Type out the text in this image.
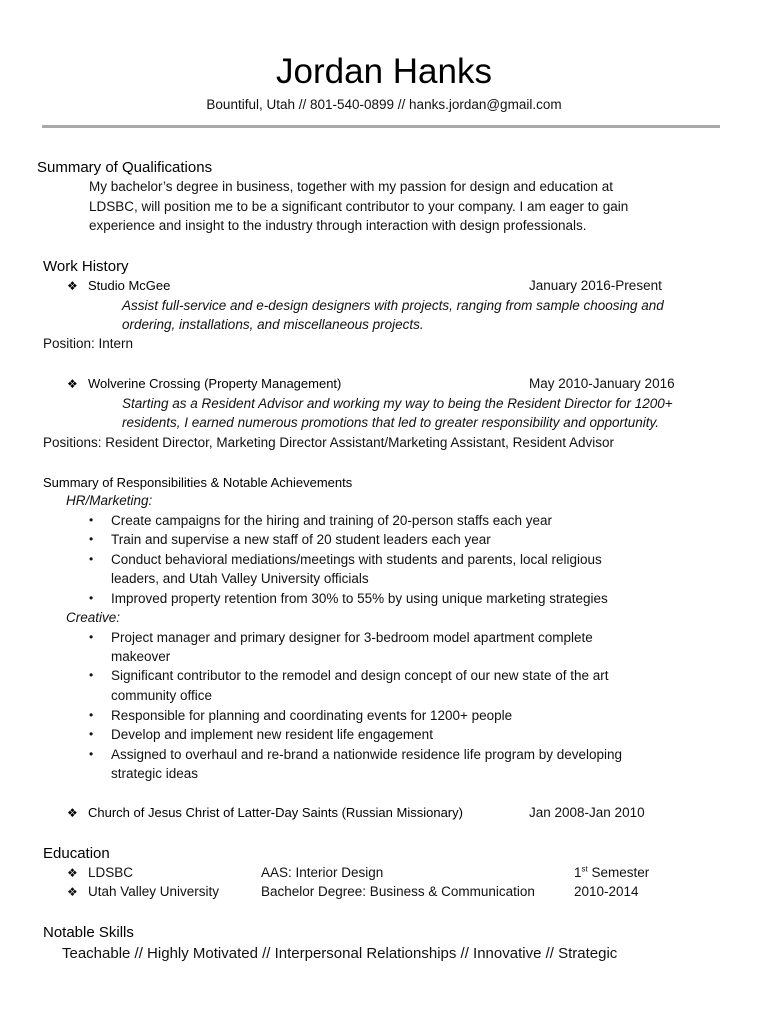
Jordan Hanks
Bountiful, Utah // 801-540-0899 // hanks.jordan@gmail.com
Summary of Qualifications
My bachelor’s degree in business, together with my passion for design and education at
LDSBC, will position me to be a significant contributor to your company. I am eager to gain
experience and insight to the industry through interaction with design professionals.
Work History
❖ Studio McGee	January 2016-Present
Assist full-service and e-design designers with projects, ranging from sample choosing and
ordering, installations, and miscellaneous projects.
Position: Intern
❖ Wolverine Crossing (Property Management)	May 2010-January 2016
Starting as a Resident Advisor and working my way to being the Resident Director for 1200+
residents, I earned numerous promotions that led to greater responsibility and opportunity.
Positions: Resident Director, Marketing Director Assistant/Marketing Assistant, Resident Advisor
Summary of Responsibilities & Notable Achievements
HR/Marketing:
• Create campaigns for the hiring and training of 20-person staffs each year
• Train and supervise a new staff of 20 student leaders each year
• Conduct behavioral mediations/meetings with students and parents, local religious
leaders, and Utah Valley University officials
• Improved property retention from 30% to 55% by using unique marketing strategies
Creative:
• Project manager and primary designer for 3-bedroom model apartment complete
makeover
• Significant contributor to the remodel and design concept of our new state of the art
community office
• Responsible for planning and coordinating events for 1200+ people
• Develop and implement new resident life engagement
• Assigned to overhaul and re-brand a nationwide residence life program by developing
strategic ideas
❖ Church of Jesus Christ of Latter-Day Saints (Russian Missionary)	Jan 2008-Jan 2010
Education
❖ LDSBC	AAS: Interior Design	1st Semester
❖ Utah Valley University	Bachelor Degree: Business & Communication	2010-2014
Notable Skills
Teachable // Highly Motivated // Interpersonal Relationships // Innovative // Strategic
